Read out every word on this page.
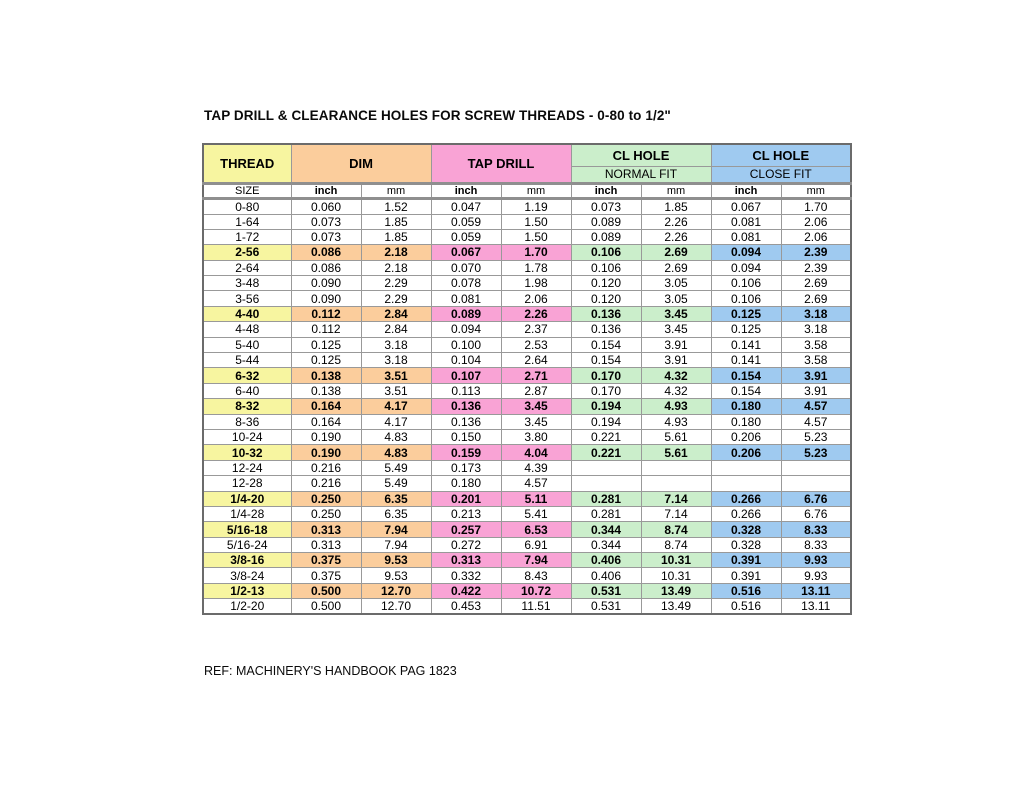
TAP DRILL & CLEARANCE HOLES FOR SCREW THREADS - 0-80 to 1/2"
THREAD	DIM		TAP DRILL		CL HOLE		CL HOLE	
					NORMAL FIT		CLOSE FIT	
SIZE	inch	mm	inch	mm	inch	mm	inch	mm
0-80	0.060	1.52	0.047	1.19	0.073	1.85	0.067	1.70
1-64	0.073	1.85	0.059	1.50	0.089	2.26	0.081	2.06
1-72	0.073	1.85	0.059	1.50	0.089	2.26	0.081	2.06
2-56	0.086	2.18	0.067	1.70	0.106	2.69	0.094	2.39
2-64	0.086	2.18	0.070	1.78	0.106	2.69	0.094	2.39
3-48	0.090	2.29	0.078	1.98	0.120	3.05	0.106	2.69
3-56	0.090	2.29	0.081	2.06	0.120	3.05	0.106	2.69
4-40	0.112	2.84	0.089	2.26	0.136	3.45	0.125	3.18
4-48	0.112	2.84	0.094	2.37	0.136	3.45	0.125	3.18
5-40	0.125	3.18	0.100	2.53	0.154	3.91	0.141	3.58
5-44	0.125	3.18	0.104	2.64	0.154	3.91	0.141	3.58
6-32	0.138	3.51	0.107	2.71	0.170	4.32	0.154	3.91
6-40	0.138	3.51	0.113	2.87	0.170	4.32	0.154	3.91
8-32	0.164	4.17	0.136	3.45	0.194	4.93	0.180	4.57
8-36	0.164	4.17	0.136	3.45	0.194	4.93	0.180	4.57
10-24	0.190	4.83	0.150	3.80	0.221	5.61	0.206	5.23
10-32	0.190	4.83	0.159	4.04	0.221	5.61	0.206	5.23
12-24	0.216	5.49	0.173	4.39				
12-28	0.216	5.49	0.180	4.57				
1/4-20	0.250	6.35	0.201	5.11	0.281	7.14	0.266	6.76
1/4-28	0.250	6.35	0.213	5.41	0.281	7.14	0.266	6.76
5/16-18	0.313	7.94	0.257	6.53	0.344	8.74	0.328	8.33
5/16-24	0.313	7.94	0.272	6.91	0.344	8.74	0.328	8.33
3/8-16	0.375	9.53	0.313	7.94	0.406	10.31	0.391	9.93
3/8-24	0.375	9.53	0.332	8.43	0.406	10.31	0.391	9.93
1/2-13	0.500	12.70	0.422	10.72	0.531	13.49	0.516	13.11
1/2-20	0.500	12.70	0.453	11.51	0.531	13.49	0.516	13.11
REF: MACHINERY'S HANDBOOK PAG 1823
